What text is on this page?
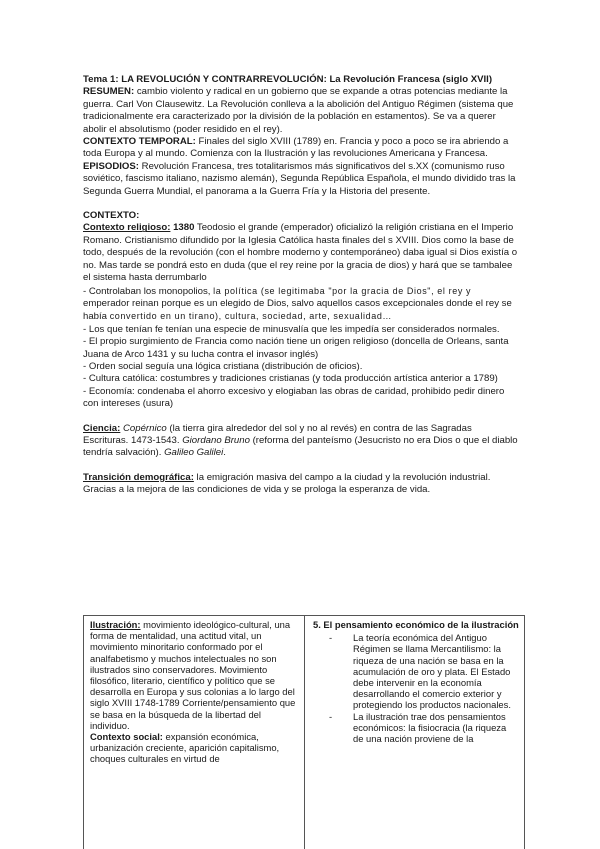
Tema 1: LA REVOLUCIÓN Y CONTRARREVOLUCIÓN: La Revolución Francesa (siglo XVII)

RESUMEN: cambio violento y radical en un gobierno que se expande a otras potencias mediante la guerra. Carl Von Clausewitz. La Revolución conlleva a la abolición del Antiguo Régimen (sistema que tradicionalmente era caracterizado por la división de la población en estamentos). Se va a querer abolir el absolutismo (poder residido en el rey).

CONTEXTO TEMPORAL: Finales del siglo XVIII (1789) en. Francia y poco a poco se ira abriendo a toda Europa y al mundo. Comienza con la Ilustración y las revoluciones Americana y Francesa.

EPISODIOS: Revolución Francesa, tres totalitarismos más significativos del s.XX (comunismo ruso soviético, fascismo italiano, nazismo alemán), Segunda República Española, el mundo dividido tras la Segunda Guerra Mundial, el panorama a la Guerra Fría y la Historia del presente.

CONTEXTO:

Contexto religioso: 1380 Teodosio el grande (emperador) oficializó la religión cristiana en el Imperio Romano. Cristianismo difundido por la Iglesia Católica hasta finales del s XVIII. Dios como la base de todo, después de la revolución (con el hombre moderno y contemporáneo) daba igual si Dios existía o no. Mas tarde se pondrá esto en duda (que el rey reine por la gracia de dios) y hará que se tambalee el sistema hasta derrumbarlo

- Controlaban los monopolios, la política (se legitimaba "por la gracia de Dios", el rey y emperador reinan porque es un elegido de Dios, salvo aquellos casos excepcionales donde el rey se había convertido en un tirano), cultura, sociedad, arte, sexualidad…

- Los que tenían fe tenían una especie de minusvalía que les impedía ser considerados normales.

- El propio surgimiento de Francia como nación tiene un origen religioso (doncella de Orleans, santa Juana de Arco 1431 y su lucha contra el invasor inglés)

- Orden social seguía una lógica cristiana (distribución de oficios).

- Cultura católica: costumbres y tradiciones cristianas (y toda producción artística anterior a 1789)

- Economía: condenaba el ahorro excesivo y elogiaban las obras de caridad, prohibido pedir dinero con intereses (usura)

Ciencia: Copérnico (la tierra gira alrededor del sol y no al revés) en contra de las Sagradas Escrituras. 1473-1543. Giordano Bruno (reforma del panteísmo (Jesucristo no era Dios o que el diablo tendría salvación). Galileo Galilei.

Transición demográfica: la emigración masiva del campo a la ciudad y la revolución industrial. Gracias a la mejora de las condiciones de vida y se prologa la esperanza de vida.

Ilustración: movimiento ideológico-cultural, una forma de mentalidad, una actitud vital, un movimiento minoritario conformado por el analfabetismo y muchos intelectuales no son ilustrados sino conservadores. Movimiento filosófico, literario, científico y político que se desarrolla en Europa y sus colonias a lo largo del siglo XVIII 1748-1789 Corriente/pensamiento que se basa en la búsqueda de la libertad del individuo.

Contexto social: expansión económica, urbanización creciente, aparición capitalismo, choques culturales en virtud de

5. El pensamiento económico de la ilustración

- La teoría económica del Antiguo Régimen se llama Mercantilismo: la riqueza de una nación se basa en la acumulación de oro y plata. El Estado debe intervenir en la economía desarrollando el comercio exterior y protegiendo los productos nacionales.
- La ilustración trae dos pensamientos económicos: la fisiocracia (la riqueza de una nación proviene de la
